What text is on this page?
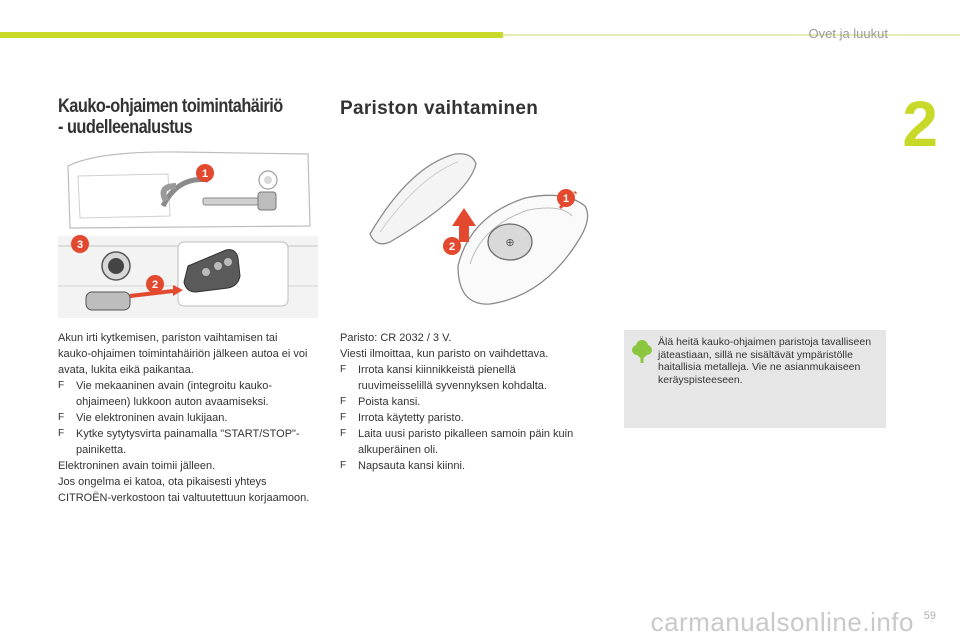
Ovet ja luukut
2
Kauko-ohjaimen toimintahäiriö - uudelleenalustus
1
2
3

Akun irti kytkemisen, pariston vaihtamisen tai kauko-ohjaimen toimintahäiriön jälkeen autoa ei voi avata, lukita eikä paikantaa.

F	Vie mekaaninen avain (integroitu kauko-ohjaimeen) lukkoon auton avaamiseksi.
F	Vie elektroninen avain lukijaan.
F	Kytke sytytysvirta painamalla "START/STOP"-painiketta.

Elektroninen avain toimii jälleen.

Jos ongelma ei katoa, ota pikaisesti yhteys CITROËN-verkostoon tai valtuutettuun korjaamoon.

Pariston vaihtaminen
⊕
1
2

Paristo: CR 2032 / 3 V.

Viesti ilmoittaa, kun paristo on vaihdettava.

F	Irrota kansi kiinnikkeistä pienellä ruuvimeisselillä syvennyksen kohdalta.
F	Poista kansi.
F	Irrota käytetty paristo.
F	Laita uusi paristo pikalleen samoin päin kuin alkuperäinen oli.
F	Napsauta kansi kiinni.
Älä heitä kauko-ohjaimen paristoja tavalliseen jäteastiaan, sillä ne sisältävät ympäristölle haitallisia metalleja. Vie ne asianmukaiseen keräyspisteeseen.
59
carmanualsonline.info
